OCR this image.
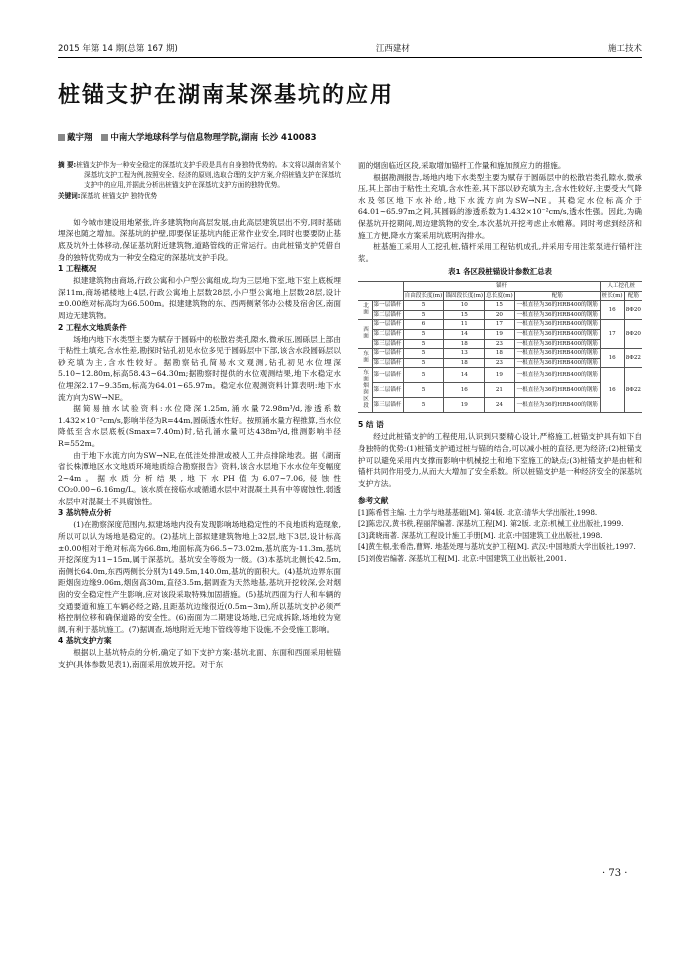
2015 年第 14 期(总第 167 期)	江西建材	施工技术
桩锚支护在湖南某深基坑的应用
戴宇翔 中南大学地球科学与信息物理学院,湖南 长沙 410083
摘 要:桩锚支护作为一种安全稳定的深基坑支护手段是具有自身独特优势的。本文将以湖南省某个深基坑支护工程为例,按照安全、经济的原则,选取合理的支护方案,介绍桩锚支护在深基坑支护中的应用,并据此分析出桩锚支护在深基坑支护方面的独特优势。
关键词:深基坑 桩锚支护 独特优势

如今城市建设用地紧张,许多建筑物向高层发展,由此高层建筑层出不穷,同时基础埋深也随之增加。深基坑的护壁,即要保证基坑内能正常作业安全,同时也要要防止基底及坑外土体移动,保证基坑附近建筑物,道路管线的正常运行。由此桩锚支护凭借自身的独特优势成为一种安全稳定的深基坑支护手段。

1 工程概况

拟建建筑物由商场,行政公寓和小户型公寓组成,均为三层地下室,地下室上底板埋深11m,商场裙楼地上4层,行政公寓地上层数28层,小户型公寓地上层数28层,设计±0.00绝对标高均为66.500m。拟建建筑物的东、西两侧紧邻办公楼及宿舍区,南面周边无建筑物。

2 工程水文地质条件

场地内地下水类型主要为赋存于圆砾中的松散岩类孔隙水,微承压,圆砾层上部由于粘性土填充,含水性差,勘探时钻孔初见水位多见于圆砾层中下部,该含水段圆砾层以砂充填为主,含水性较好。据勘察钻孔简易水文观测,钻孔初见水位埋深5.10~12.80m,标高58.43~64.30m;据勘察时提供的水位观测结果,地下水稳定水位埋深2.17~9.35m,标高为64.01~65.97m。稳定水位观测资料计算表明:地下水流方向为SW→NE。

据简易抽水试验资料:水位降深1.25m,涌水量72.98m³/d,渗透系数1.432×10⁻²cm/s,影响半径为R=44m,圆砾透水性好。按照涌水量方程推算,当水位降低至含水层底板(Smax=7.40m)时,钻孔涌水量可达438m³/d,推测影响半径R=552m。

由于地下水流方向为SW→NE,在低洼处排泄或被人工井点排除地表。据《湖南省长株潭地区水文地质环境地质综合勘察报告》资料,该含水层地下水水位年变幅度2~4m。据水质分析结果,地下水PH值为6.07~7.06,侵蚀性CO₂0.00~6.16mg/L。该水质在接临水或循通水层中对混凝土具有中等腐蚀性,弱透水层中对混凝土不具腐蚀性。

3 基坑特点分析

(1)在勘察深度范围内,拟建场地内没有发现影响场地稳定性的不良地质构造现象,所以可以认为场地是稳定的。(2)基坑上部拟建建筑物地上32层,地下3层,设计标高±0.00相对于绝对标高为66.8m,地面标高为66.5~73.02m,基坑底为-11.3m,基坑开挖深度为11~15m,属于深基坑。基坑安全等级为一级。(3)本基坑北侧长42.5m,南侧长64.0m,东西两侧长分别为149.5m,140.0m,基坑的面积大。(4)基坑边界东面距烟囱边缘9.06m,烟囱高30m,直径3.5m,据调查为天然地基,基坑开挖较深,会对烟囱的安全稳定性产生影响,应对该段采取特殊加固措施。(5)基坑西面为行人和车辆的交通要道和施工车辆必经之路,且距基坑边缘很近(0.5m~3m),所以基坑支护必须严格控制位移和确保道路的安全性。(6)南面为二期建设场地,已完成拆除,场地较为宽阔,有利于基坑施工。(7)据调查,场地附近无地下管线等地下设施,不会受施工影响。

4 基坑支护方案

根据以上基坑特点的分析,确定了如下支护方案:基坑北面、东面和西面采用桩锚支护(具体参数见表1),南面采用放坡开挖。对于东

面的烟囱临近区段,采取增加锚杆工作量和施加预应力的措施。

根据勘测报告,场地内地下水类型主要为赋存于圆砾层中的松散岩类孔隙水,微承压,其上部由于粘性土充填,含水性差,其下部以砂充填为主,含水性较好,主要受大气降水及邻区地下水补给,地下水流方向为SW→NE。其稳定水位标高介于64.01~65.97m之间,其圆砾的渗透系数为1.432×10⁻²cm/s,透水性强。因此,为确保基坑开挖期间,周边建筑物的安全,本次基坑开挖考虑止水帷幕。同时考虑到经济和施工方便,降水方案采用坑底明沟排水。

桩基施工采用人工挖孔桩,锚杆采用工程钻机成孔,并采用专用注浆泵进行锚杆注浆。

表1 各区段桩锚设计参数汇总表
		锚杆				人工挖孔桩	
		自由段长度(m)	锚固段长度(m)	总长度(m)	配筋	桩长(m)	配筋
北面	第一层锚杆	5	10	15	一根直径为36的HRB400的钢筋	16	8Φ20
	第二层锚杆	5	15	20	一根直径为36的HRB400的钢筋		
西面	第一层锚杆	6	11	17	一根直径为36的HRB400的钢筋	17	8Φ20
	第二层锚杆	5	14	19	一根直径为36的HRB400的钢筋		
	第三层锚杆	5	18	23	一根直径为36的HRB400的钢筋		
东面	第一层锚杆	5	13	18	一根直径为36的HRB400的钢筋	16	8Φ22
	第二层锚杆	5	18	23	一根直径为36的HRB400的钢筋		
东面烟囱区段	第一层锚杆	5	14	19	一根直径为36的HRB400的钢筋	16	8Φ22
	第二层锚杆	5	16	21	一根直径为36的HRB400的钢筋		
	第三层锚杆	5	19	24	一根直径为36的HRB400的钢筋		
5 结 语

经过此桩锚支护的工程使用,认识到只要精心设计,严格施工,桩锚支护具有如下自身独特的优势:(1)桩锚支护通过桩与锚的结合,可以减小桩的直径,更为经济;(2)桩锚支护可以避免采用内支撑而影响中机械挖土和地下室施工的缺点;(3)桩锚支护是由桩和锚杆共同作用受力,从而大大增加了安全系数。所以桩锚支护是一种经济安全的深基坑支护方法。

参考文献
[1]陈希哲主编. 土力学与地基基础[M]. 第4版. 北京:清华大学出版社,1998.
[2]陈忠汉,黄书秩,程丽萍编著. 深基坑工程[M]. 第2版. 北京:机械工业出版社,1999.
[3]龚晓南著. 深基坑工程设计施工手册[M]. 北京:中国建筑工业出版社,1998.
[4]黄生根,张希浩,曹辉. 地基处理与基坑支护工程[M]. 武汉:中国地质大学出版社,1997.
[5]刘俊岩编著. 深基坑工程[M]. 北京:中国建筑工业出版社,2001.
· 73 ·
